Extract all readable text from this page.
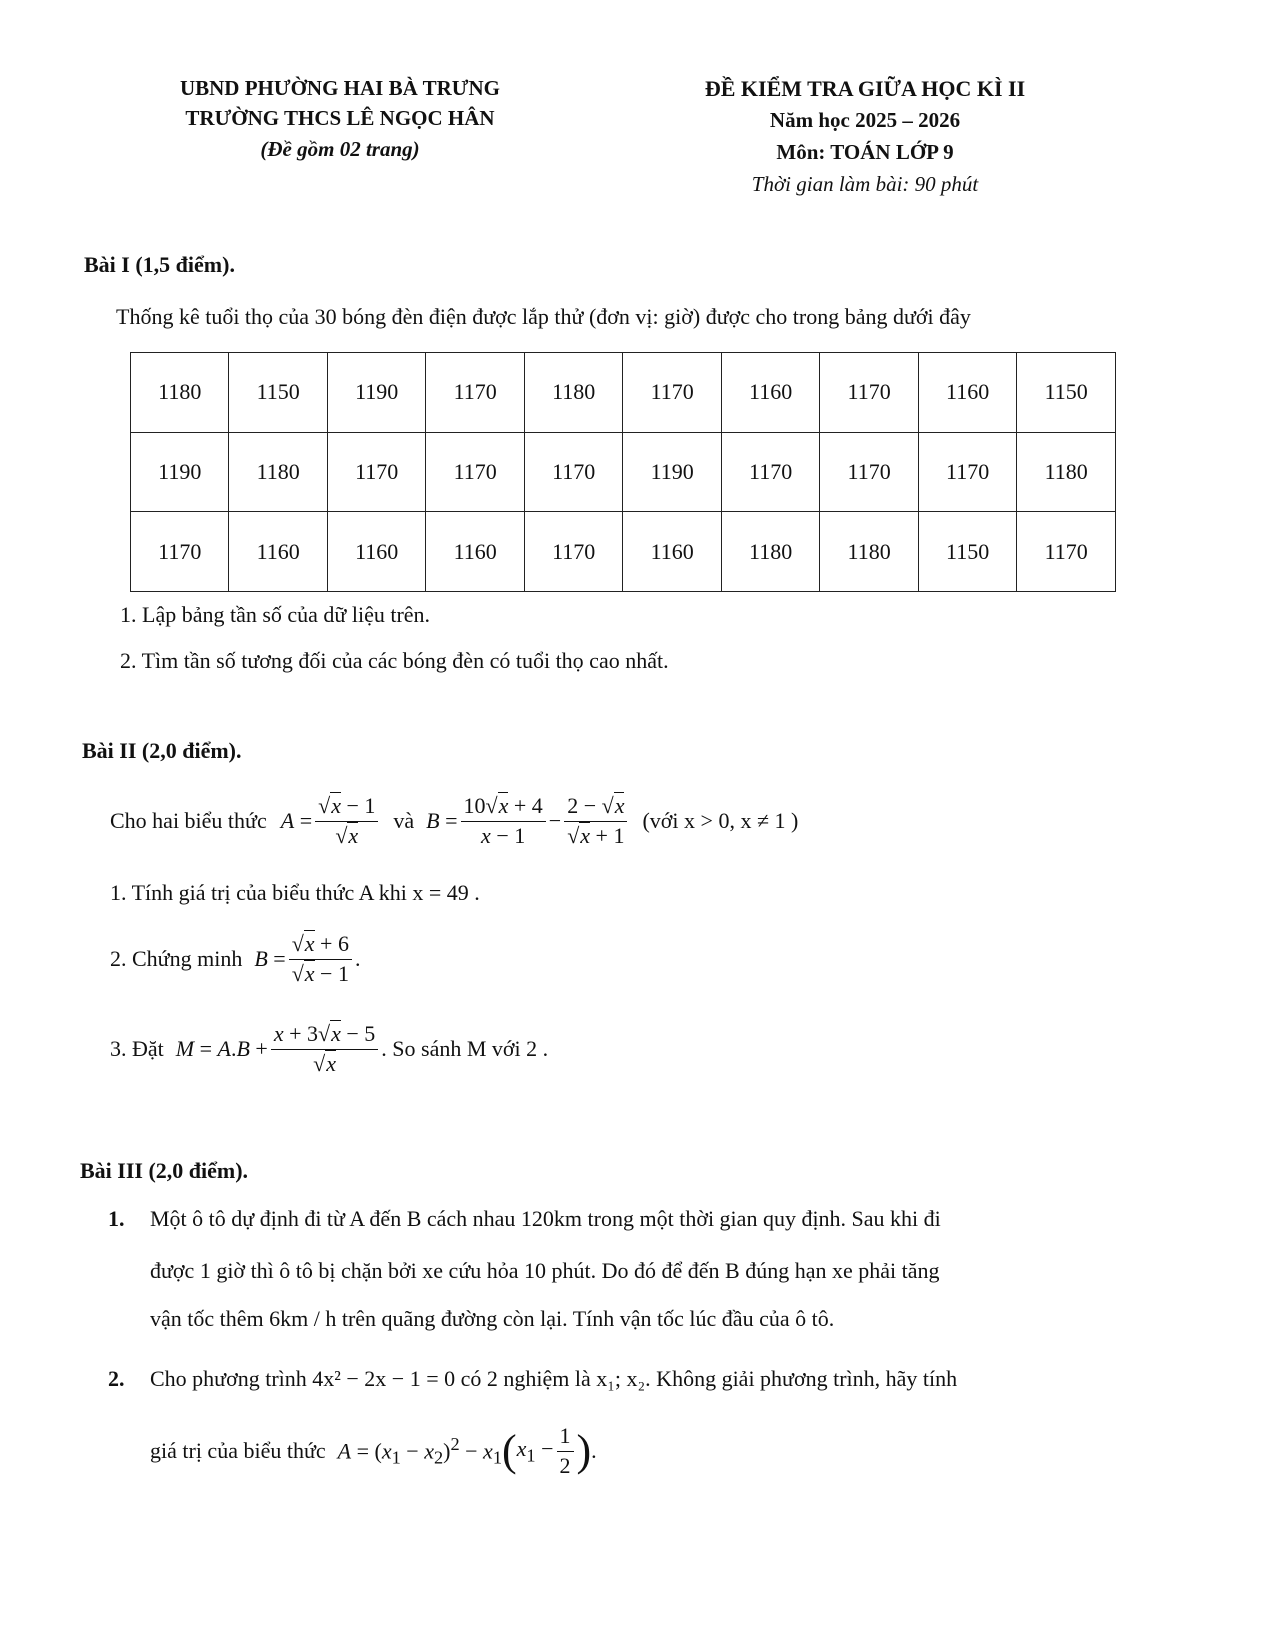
UBND PHƯỜNG HAI BÀ TRƯNG
TRƯỜNG THCS LÊ NGỌC HÂN
(Đề gồm 02 trang)
ĐỀ KIỂM TRA GIỮA HỌC KÌ II
Năm học 2025 – 2026
Môn: TOÁN LỚP 9
Thời gian làm bài: 90 phút
Bài I (1,5 điểm).
Thống kê tuổi thọ của 30 bóng đèn điện được lắp thử (đơn vị: giờ) được cho trong bảng dưới đây
1180	1150	1190	1170	1180	1170	1160	1170	1160	1150
1190	1180	1170	1170	1170	1190	1170	1170	1170	1180
1170	1160	1160	1160	1170	1160	1180	1180	1150	1170
1. Lập bảng tần số của dữ liệu trên.
2. Tìm tần số tương đối của các bóng đèn có tuổi thọ cao nhất.
Bài II (2,0 điểm).
Cho hai biểu thức $A = \frac{√x - 1}{√x}$ và $B = \frac{10√x + 4}{x - 1} - \frac{2 - √x}{√x + 1}$ (với x > 0, x ≠ 1 )
1. Tính giá trị của biểu thức A khi x = 49 .
2. Chứng minh $B = \frac{√x + 6}{√x - 1}$ .
3. Đặt $M = A.B + \frac{x + 3√x - 5}{√x}$ . So sánh M với 2 .
Bài III (2,0 điểm).
1. Một ô tô dự định đi từ A đến B cách nhau 120km trong một thời gian quy định. Sau khi đi
được 1 giờ thì ô tô bị chặn bởi xe cứu hỏa 10 phút. Do đó để đến B đúng hạn xe phải tăng
vận tốc thêm 6km / h trên quãng đường còn lại. Tính vận tốc lúc đầu của ô tô.
2. Cho phương trình 4x² − 2x − 1 = 0 có 2 nghiệm là x₁; x₂. Không giải phương trình, hãy tính
giá trị của biểu thức $A = (x_1 - x_2)^2 - x_1$ ( $x_1 - \frac{1}{2}$ ) .
